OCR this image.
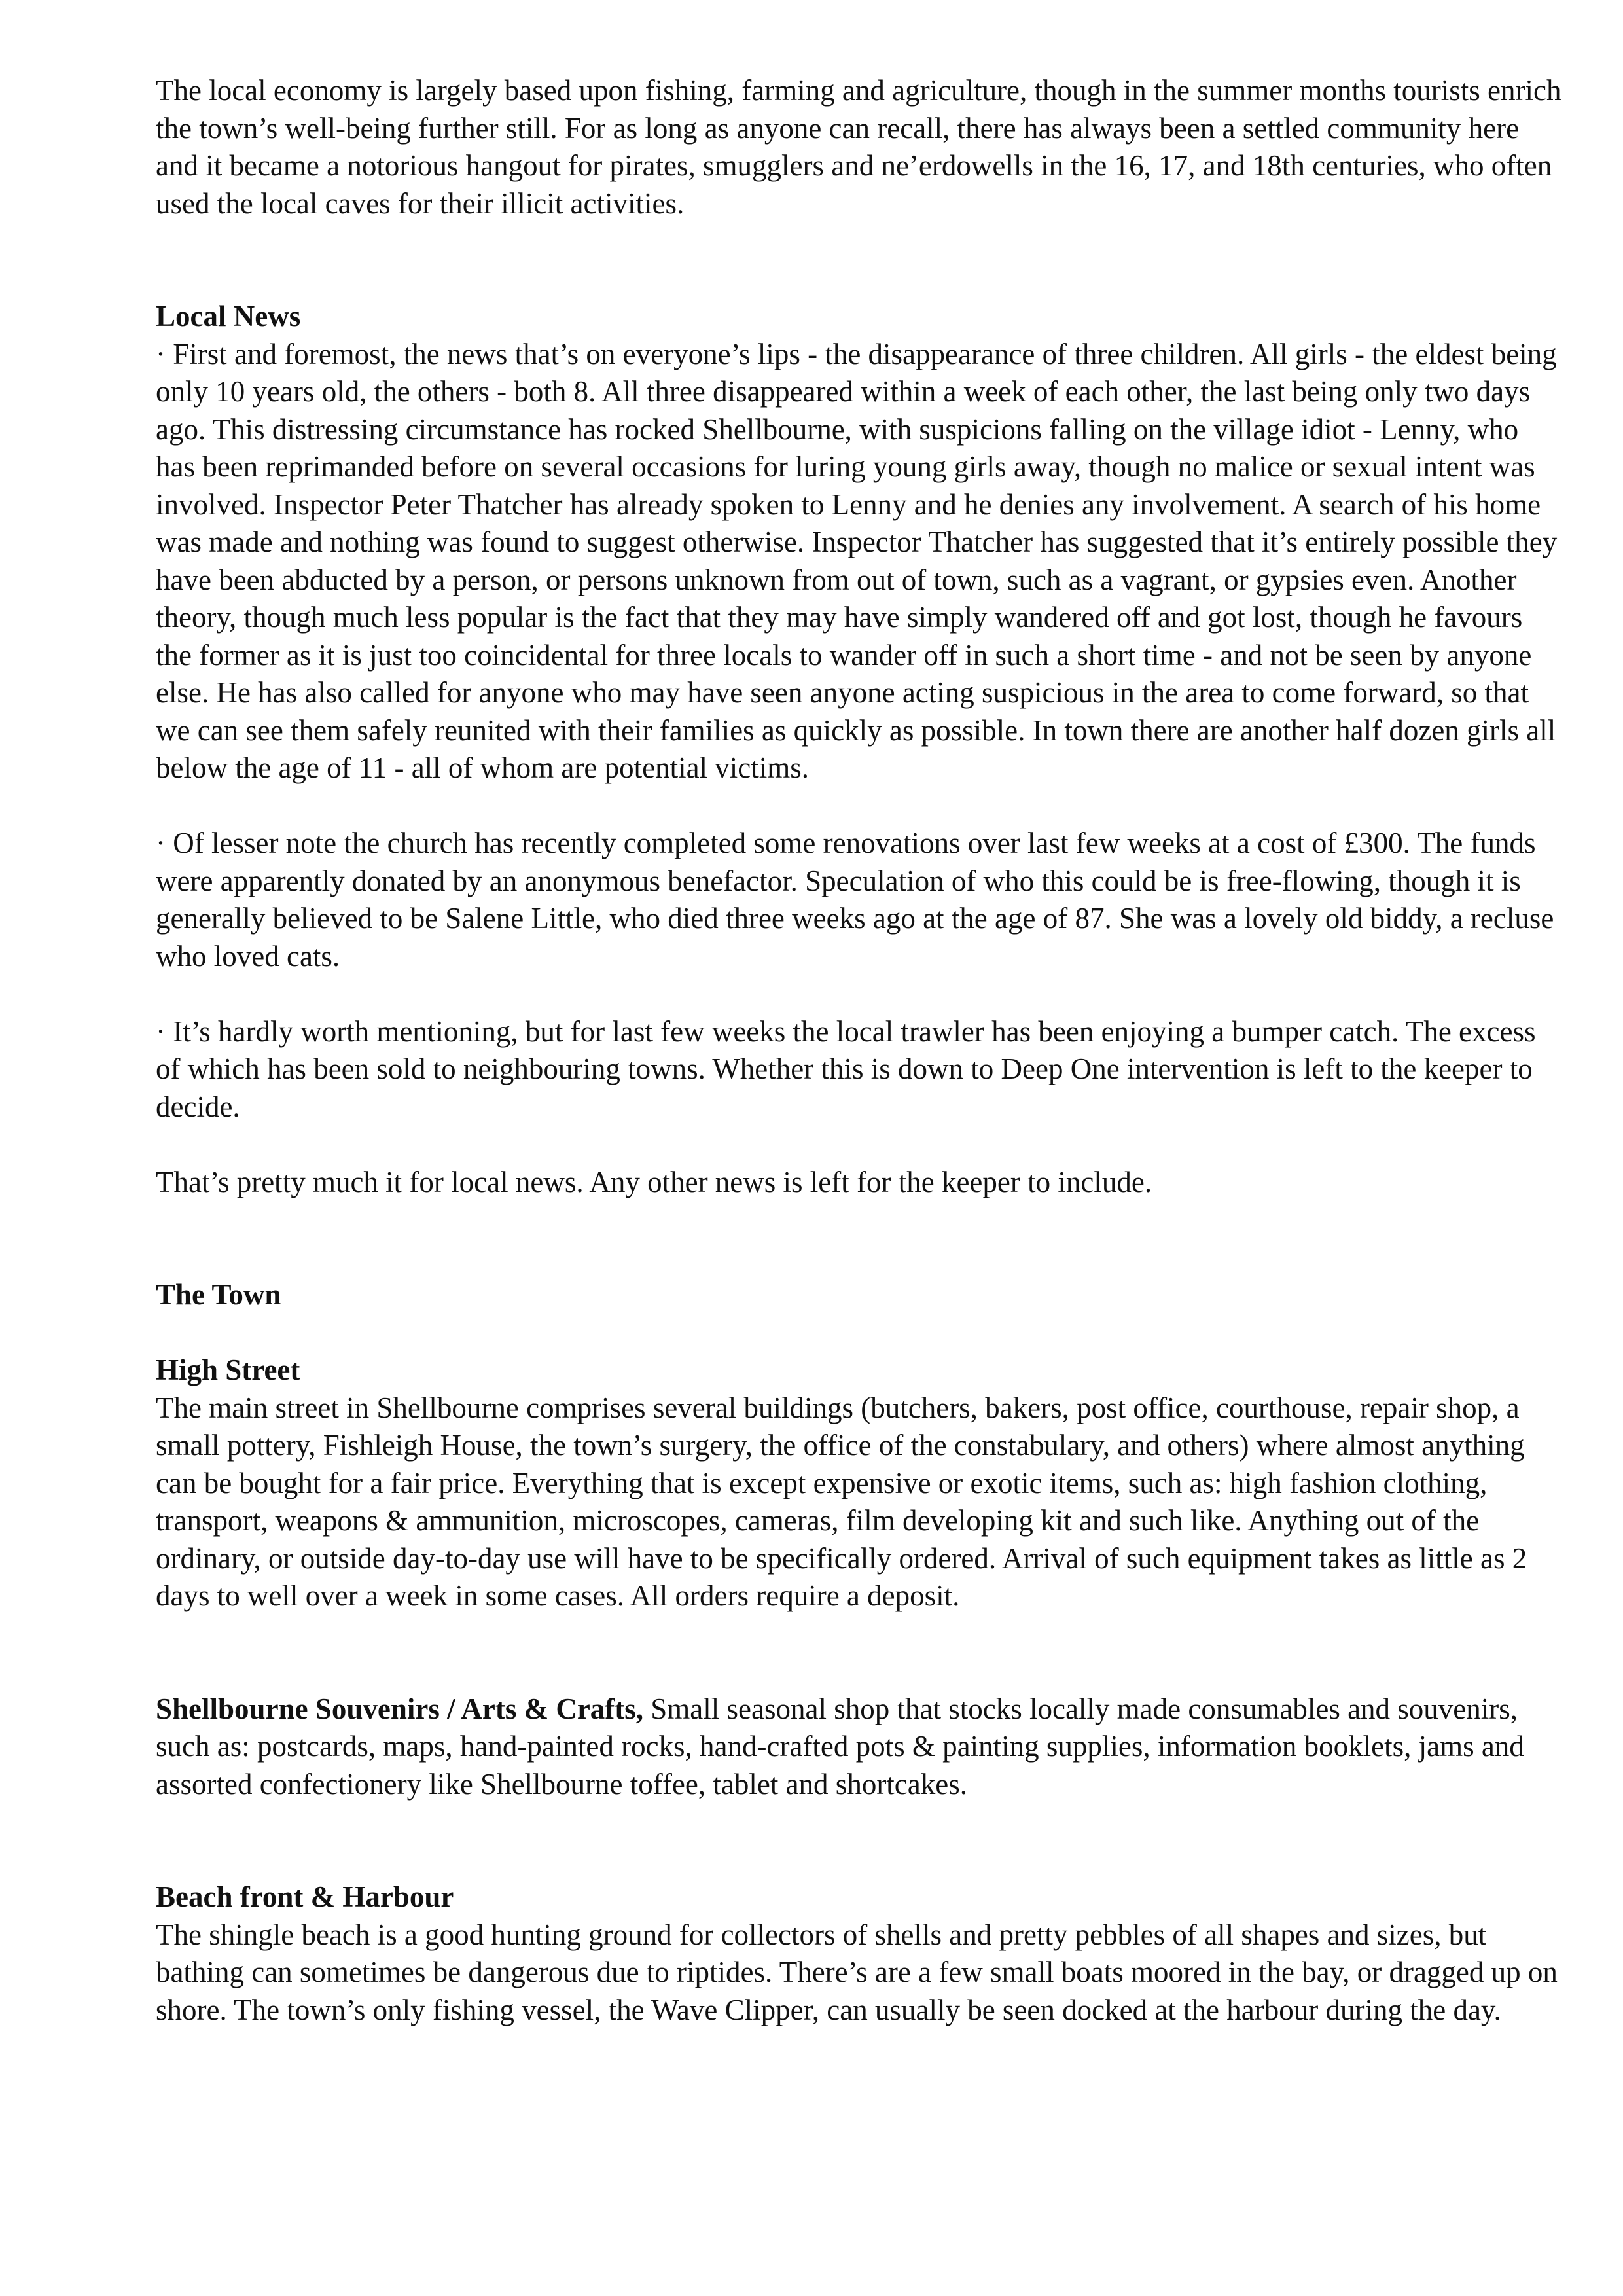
The local economy is largely based upon fishing, farming and agriculture, though in the summer months tourists enrich the town’s well-being further still. For as long as anyone can recall, there has always been a settled community here and it became a notorious hangout for pirates, smugglers and ne’erdowells in the 16, 17, and 18th centuries, who often used the local caves for their illicit activities.

Local News

· First and foremost, the news that’s on everyone’s lips - the disappearance of three children. All girls - the eldest being only 10 years old, the others - both 8. All three disappeared within a week of each other, the last being only two days ago. This distressing circumstance has rocked Shellbourne, with suspicions falling on the village idiot - Lenny, who has been reprimanded before on several occasions for luring young girls away, though no malice or sexual intent was involved. Inspector Peter Thatcher has already spoken to Lenny and he denies any involvement. A search of his home was made and nothing was found to suggest otherwise. Inspector Thatcher has suggested that it’s entirely possible they have been abducted by a person, or persons unknown from out of town, such as a vagrant, or gypsies even. Another theory, though much less popular is the fact that they may have simply wandered off and got lost, though he favours the former as it is just too coincidental for three locals to wander off in such a short time - and not be seen by anyone else. He has also called for anyone who may have seen anyone acting suspicious in the area to come forward, so that we can see them safely reunited with their families as quickly as possible. In town there are another half dozen girls all below the age of 11 - all of whom are potential victims.

· Of lesser note the church has recently completed some renovations over last few weeks at a cost of £300. The funds were apparently donated by an anonymous benefactor. Speculation of who this could be is free-flowing, though it is generally believed to be Salene Little, who died three weeks ago at the age of 87. She was a lovely old biddy, a recluse who loved cats.

· It’s hardly worth mentioning, but for last few weeks the local trawler has been enjoying a bumper catch. The excess of which has been sold to neighbouring towns. Whether this is down to Deep One intervention is left to the keeper to decide.

That’s pretty much it for local news. Any other news is left for the keeper to include.

The Town

High Street

The main street in Shellbourne comprises several buildings (butchers, bakers, post office, courthouse, repair shop, a small pottery, Fishleigh House, the town’s surgery, the office of the constabulary, and others) where almost anything can be bought for a fair price. Everything that is except expensive or exotic items, such as: high fashion clothing, transport, weapons & ammunition, microscopes, cameras, film developing kit and such like. Anything out of the ordinary, or outside day-to-day use will have to be specifically ordered. Arrival of such equipment takes as little as 2 days to well over a week in some cases. All orders require a deposit.

Shellbourne Souvenirs / Arts & Crafts, Small seasonal shop that stocks locally made consumables and souvenirs, such as: postcards, maps, hand-painted rocks, hand-crafted pots & painting supplies, information booklets, jams and assorted confectionery like Shellbourne toffee, tablet and shortcakes.

Beach front & Harbour

The shingle beach is a good hunting ground for collectors of shells and pretty pebbles of all shapes and sizes, but bathing can sometimes be dangerous due to riptides. There’s are a few small boats moored in the bay, or dragged up on shore. The town’s only fishing vessel, the Wave Clipper, can usually be seen docked at the harbour during the day.
